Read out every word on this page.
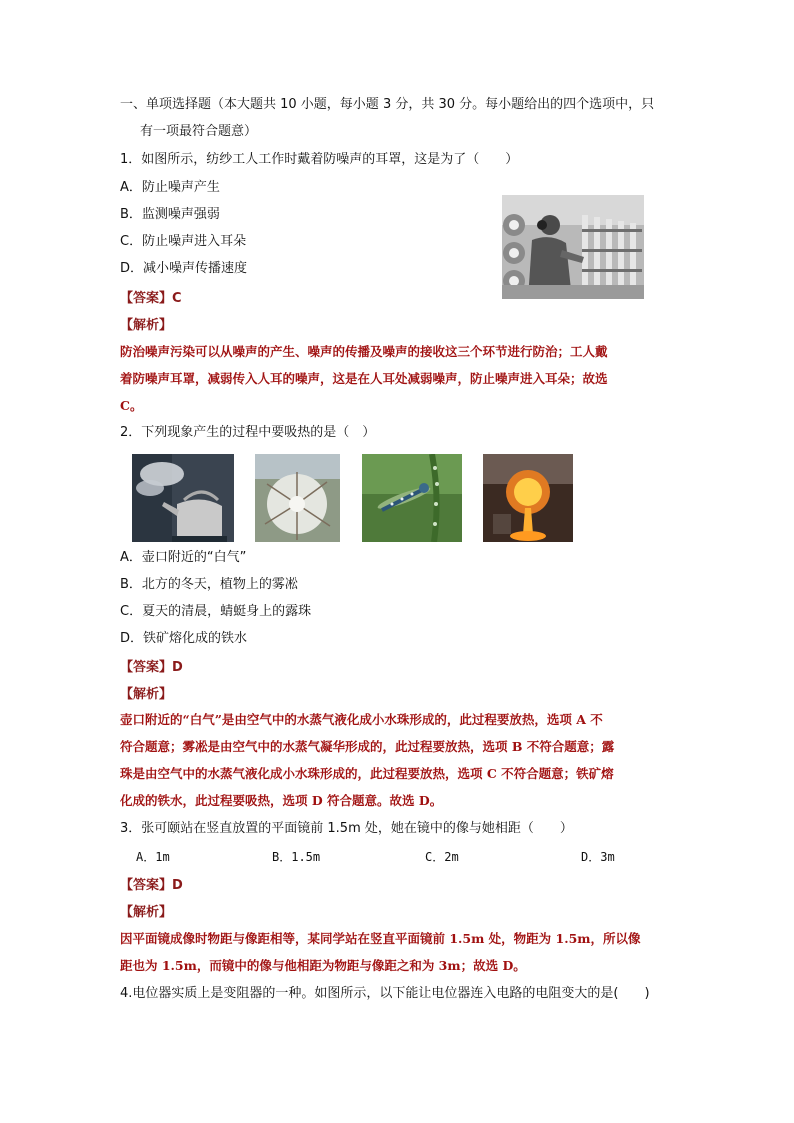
一、单项选择题（本大题共 10 小题，每小题 3 分，共 30 分。每小题给出的四个选项中，只
有一项最符合题意）
1．如图所示，纺纱工人工作时戴着防噪声的耳罩，这是为了（　　）
A．防止噪声产生
B．监测噪声强弱
C．防止噪声进入耳朵
D．减小噪声传播速度
【答案】C
【解析】
防治噪声污染可以从噪声的产生、噪声的传播及噪声的接收这三个环节进行防治；工人戴
着防噪声耳罩，减弱传入人耳的噪声，这是在人耳处减弱噪声，防止噪声进入耳朵；故选
C。
2．下列现象产生的过程中要吸热的是（　）
A．壶口附近的“白气”
B．北方的冬天，植物上的雾凇
C．夏天的清晨，蜻蜓身上的露珠
D．铁矿熔化成的铁水
【答案】D
【解析】
壶口附近的“白气”是由空气中的水蒸气液化成小水珠形成的，此过程要放热，选项 A 不
符合题意；雾凇是由空气中的水蒸气凝华形成的，此过程要放热，选项 B 不符合题意；露
珠是由空气中的水蒸气液化成小水珠形成的，此过程要放热，选项 C 不符合题意；铁矿熔
化成的铁水，此过程要吸热，选项 D 符合题意。故选 D。
3．张可颐站在竖直放置的平面镜前 1.5m 处，她在镜中的像与她相距（　　）
A．1m	B．1.5m	C．2m	D．3m
【答案】D
【解析】
因平面镜成像时物距与像距相等，某同学站在竖直平面镜前 1.5m 处，物距为 1.5m，所以像
距也为 1.5m，而镜中的像与他相距为物距与像距之和为 3m；故选 D。
4.电位器实质上是变阻器的一种。如图所示，以下能让电位器连入电路的电阻变大的是(　　)
